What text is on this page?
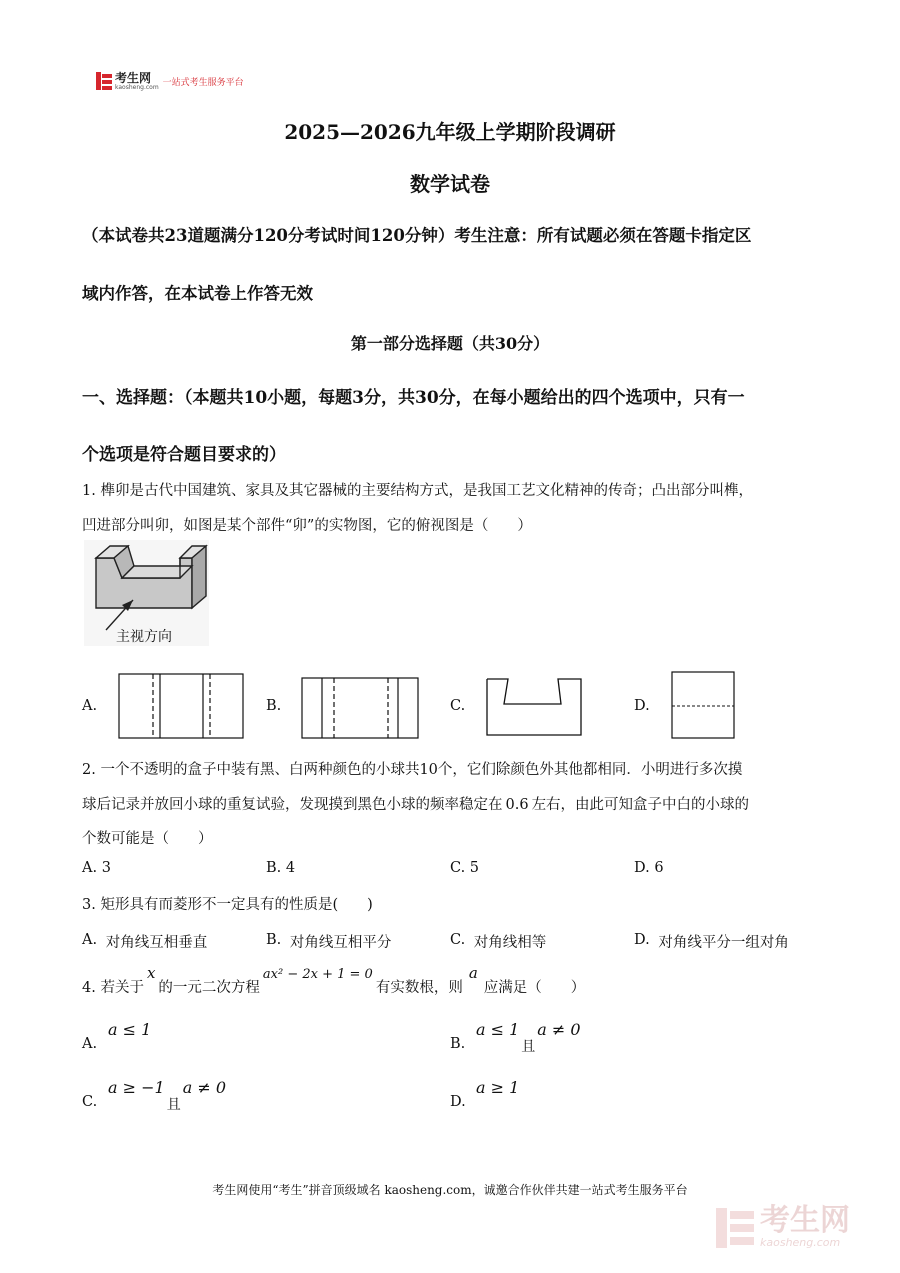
考生网
kaosheng.com 一站式考生服务平台
2025—2026九年级上学期阶段调研
数学试卷
（本试卷共23道题满分120分考试时间120分钟）考生注意：所有试题必须在答题卡指定区
域内作答，在本试卷上作答无效
第一部分选择题（共30分）
一、选择题：（本题共10小题，每题3分，共30分，在每小题给出的四个选项中，只有一
个选项是符合题目要求的）
1. 榫卯是古代中国建筑、家具及其它器械的主要结构方式，是我国工艺文化精神的传奇；凸出部分叫榫，
凹进部分叫卯，如图是某个部件“卯”的实物图，它的俯视图是（　　）
主视方向
A.	B.	C.	D.
2. 一个不透明的盒子中装有黑、白两种颜色的小球共10个，它们除颜色外其他都相同．小明进行多次摸
球后记录并放回小球的重复试验，发现摸到黑色小球的频率稳定在 0.6 左右，由此可知盒子中白的小球的
个数可能是（　　）
A. 3	B. 4	C. 5	D. 6
3. 矩形具有而菱形不一定具有的性质是(　　)
A. 对角线互相垂直	B. 对角线互相平分	C. 对角线相等	D. 对角线平分一组对角
4. 若关于x的一元二次方程ax² − 2x + 1 = 0有实数根，则a应满足（　　）
A.
a ≤ 1
B.
a ≤ 1且a ≠ 0
C.
a ≥ −1且a ≠ 0
D.
a ≥ 1
考生网使用“考生”拼音顶级域名 kaosheng.com，诚邀合作伙伴共建一站式考生服务平台
考生网
kaosheng.com
